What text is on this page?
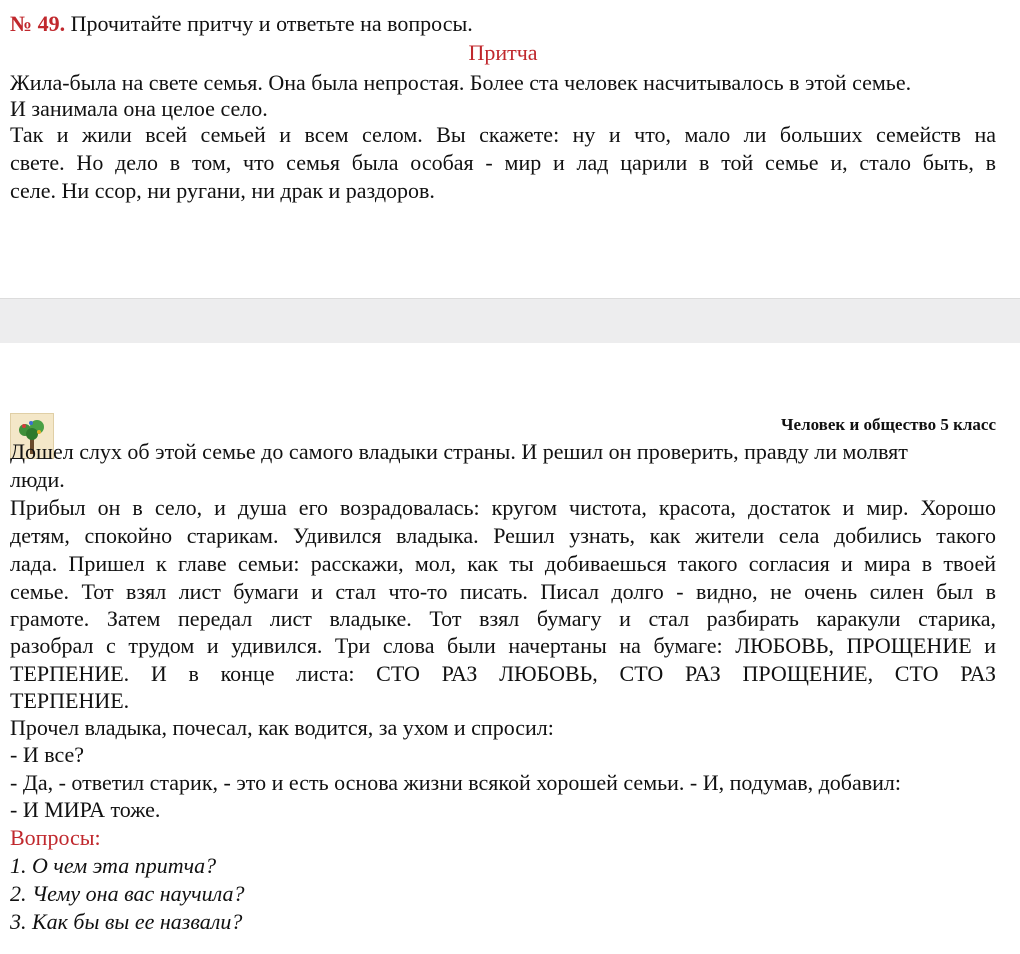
№ 49. Прочитайте притчу и ответьте на вопросы.
Притча
Жила-была на свете семья. Она была непростая. Более ста человек насчитывалось в этой семье.
И занимала она целое село.
Так и жили всей семьей и всем селом. Вы скажете: ну и что, мало ли больших семейств на
свете. Но дело в том, что семья была особая - мир и лад царили в той семье и, стало быть, в
селе. Ни ссор, ни ругани, ни драк и раздоров.
Человек и общество 5 класс
Дошел слух об этой семье до самого владыки страны. И решил он проверить, правду ли молвят
люди.
Прибыл он в село, и душа его возрадовалась: кругом чистота, красота, достаток и мир. Хорошо
детям, спокойно старикам. Удивился владыка. Решил узнать, как жители села добились такого
лада. Пришел к главе семьи: расскажи, мол, как ты добиваешься такого согласия и мира в твоей
семье. Тот взял лист бумаги и стал что-то писать. Писал долго - видно, не очень силен был в
грамоте. Затем передал лист владыке. Тот взял бумагу и стал разбирать каракули старика,
разобрал с трудом и удивился. Три слова были начертаны на бумаге: ЛЮБОВЬ, ПРОЩЕНИЕ и
ТЕРПЕНИЕ. И в конце листа: СТО РАЗ ЛЮБОВЬ, СТО РАЗ ПРОЩЕНИЕ, СТО РАЗ
ТЕРПЕНИЕ.
Прочел владыка, почесал, как водится, за ухом и спросил:
- И все?
- Да, - ответил старик, - это и есть основа жизни всякой хорошей семьи. - И, подумав, добавил:
- И МИРА тоже.
Вопросы:
1. О чем эта притча?
2. Чему она вас научила?
3. Как бы вы ее назвали?
